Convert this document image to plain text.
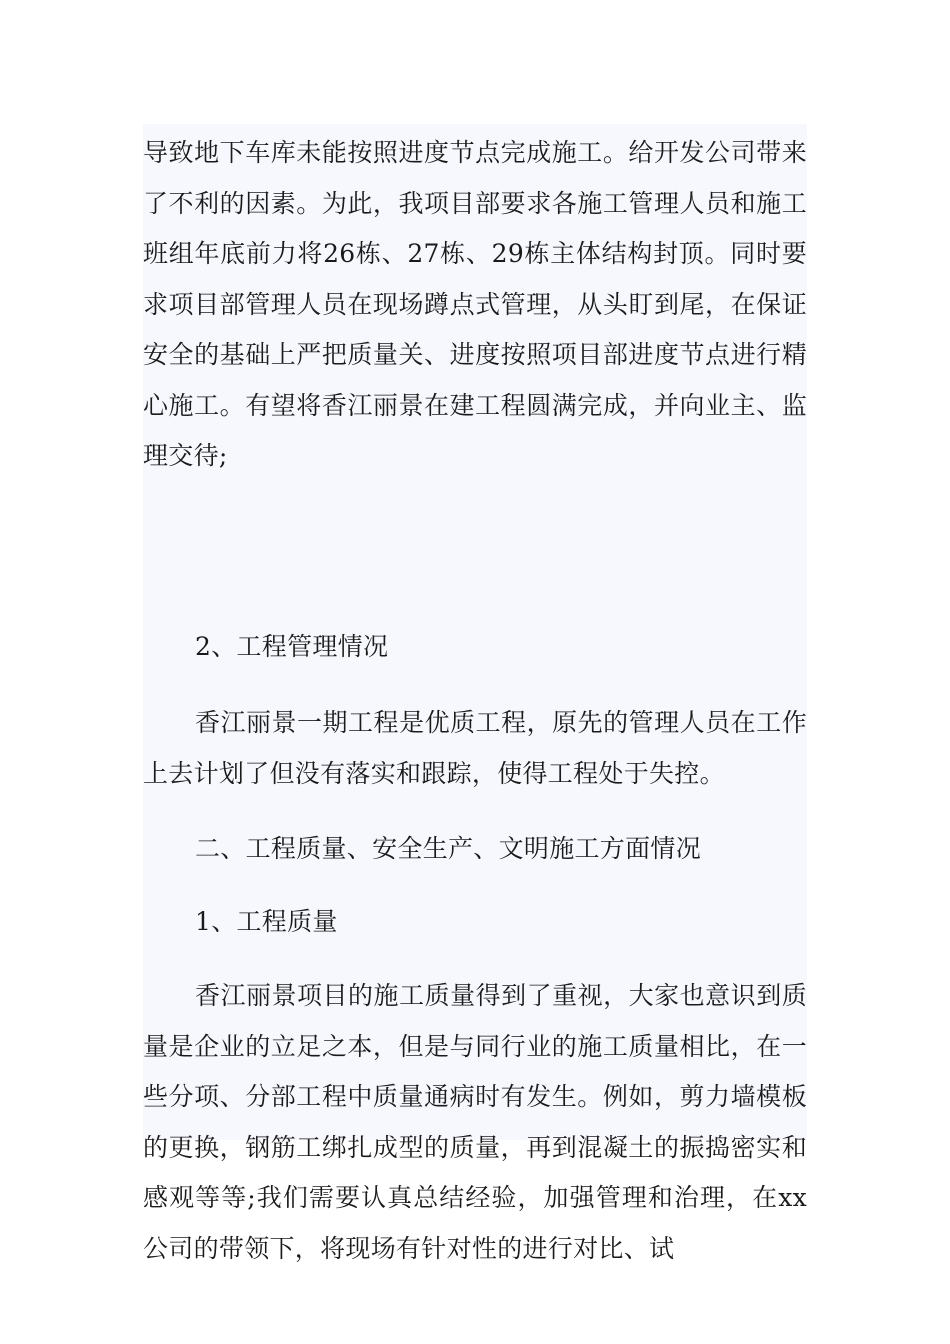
导致地下车库未能按照进度节点完成施工。给开发公司带来了不利的因素。为此，我项目部要求各施工管理人员和施工班组年底前力将26栋、27栋、29栋主体结构封顶。同时要求项目部管理人员在现场蹲点式管理，从头盯到尾，在保证安全的基础上严把质量关、进度按照项目部进度节点进行精心施工。有望将香江丽景在建工程圆满完成，并向业主、监理交待;

2、工程管理情况

香江丽景一期工程是优质工程，原先的管理人员在工作上去计划了但没有落实和跟踪，使得工程处于失控。

二、工程质量、安全生产、文明施工方面情况

1、工程质量

香江丽景项目的施工质量得到了重视，大家也意识到质量是企业的立足之本，但是与同行业的施工质量相比，在一些分项、分部工程中质量通病时有发生。例如，剪力墙模板的更换，钢筋工绑扎成型的质量，再到混凝土的振捣密实和感观等等;我们需要认真总结经验，加强管理和治理，在xx公司的带领下，将现场有针对性的进行对比、试
